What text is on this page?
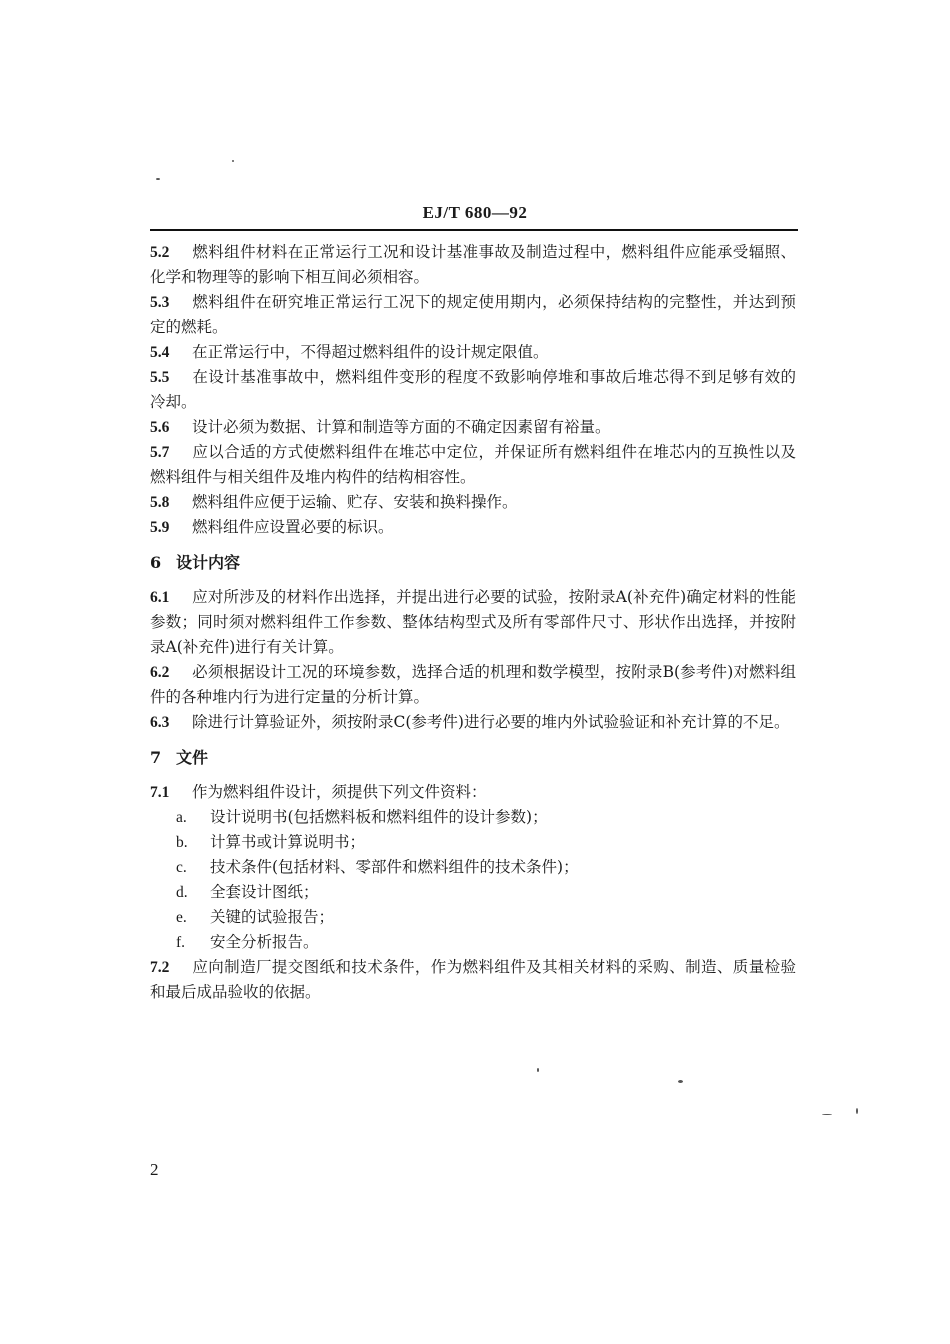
EJ/T 680—92

5.2 燃料组件材料在正常运行工况和设计基准事故及制造过程中，燃料组件应能承受辐照、化学和物理等的影响下相互间必须相容。

5.3 燃料组件在研究堆正常运行工况下的规定使用期内，必须保持结构的完整性，并达到预定的燃耗。

5.4 在正常运行中，不得超过燃料组件的设计规定限值。

5.5 在设计基准事故中，燃料组件变形的程度不致影响停堆和事故后堆芯得不到足够有效的冷却。

5.6 设计必须为数据、计算和制造等方面的不确定因素留有裕量。

5.7 应以合适的方式使燃料组件在堆芯中定位，并保证所有燃料组件在堆芯内的互换性以及燃料组件与相关组件及堆内构件的结构相容性。

5.8 燃料组件应便于运输、贮存、安装和换料操作。

5.9 燃料组件应设置必要的标识。

6 设计内容

6.1 应对所涉及的材料作出选择，并提出进行必要的试验，按附录A(补充件)确定材料的性能参数；同时须对燃料组件工作参数、整体结构型式及所有零部件尺寸、形状作出选择，并按附录A(补充件)进行有关计算。

6.2 必须根据设计工况的环境参数，选择合适的机理和数学模型，按附录B(参考件)对燃料组件的各种堆内行为进行定量的分析计算。

6.3 除进行计算验证外，须按附录C(参考件)进行必要的堆内外试验验证和补充计算的不足。

7 文件

7.1 作为燃料组件设计，须提供下列文件资料：

a. 设计说明书(包括燃料板和燃料组件的设计参数)；
b. 计算书或计算说明书；
c. 技术条件(包括材料、零部件和燃料组件的技术条件)；
d. 全套设计图纸；
e. 关键的试验报告；
f. 安全分析报告。

7.2 应向制造厂提交图纸和技术条件，作为燃料组件及其相关材料的采购、制造、质量检验和最后成品验收的依据。

2
